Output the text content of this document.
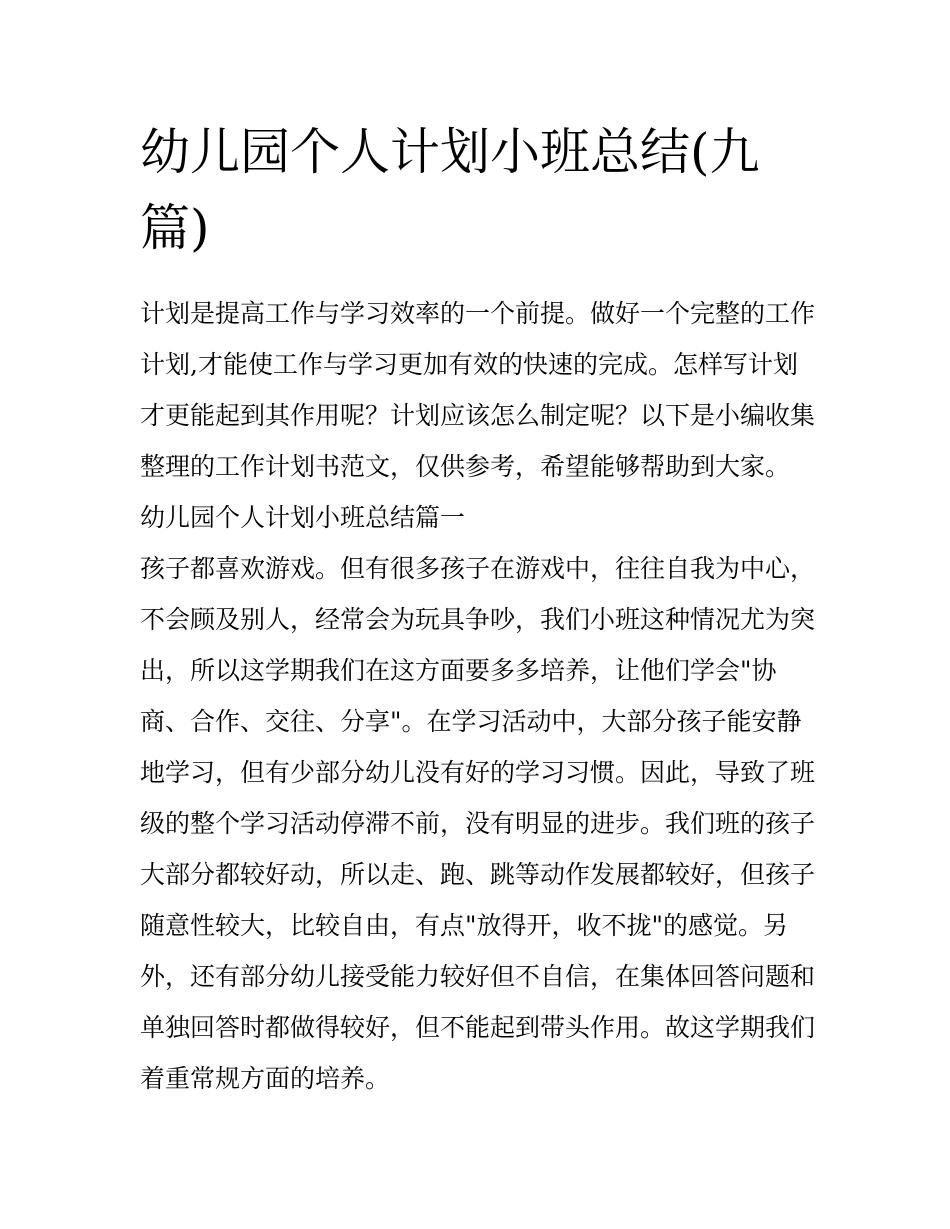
幼儿园个人计划小班总结(九
篇)
计划是提高工作与学习效率的一个前提。做好一个完整的工作
计划,才能使工作与学习更加有效的快速的完成。怎样写计划
才更能起到其作用呢？计划应该怎么制定呢？以下是小编收集
整理的工作计划书范文，仅供参考，希望能够帮助到大家。
幼儿园个人计划小班总结篇一
孩子都喜欢游戏。但有很多孩子在游戏中，往往自我为中心，
不会顾及别人，经常会为玩具争吵，我们小班这种情况尤为突
出，所以这学期我们在这方面要多多培养，让他们学会"协
商、合作、交往、分享"。在学习活动中，大部分孩子能安静
地学习，但有少部分幼儿没有好的学习习惯。因此，导致了班
级的整个学习活动停滞不前，没有明显的进步。我们班的孩子
大部分都较好动，所以走、跑、跳等动作发展都较好，但孩子
随意性较大，比较自由，有点"放得开，收不拢"的感觉。另
外，还有部分幼儿接受能力较好但不自信，在集体回答问题和
单独回答时都做得较好，但不能起到带头作用。故这学期我们
着重常规方面的培养。
